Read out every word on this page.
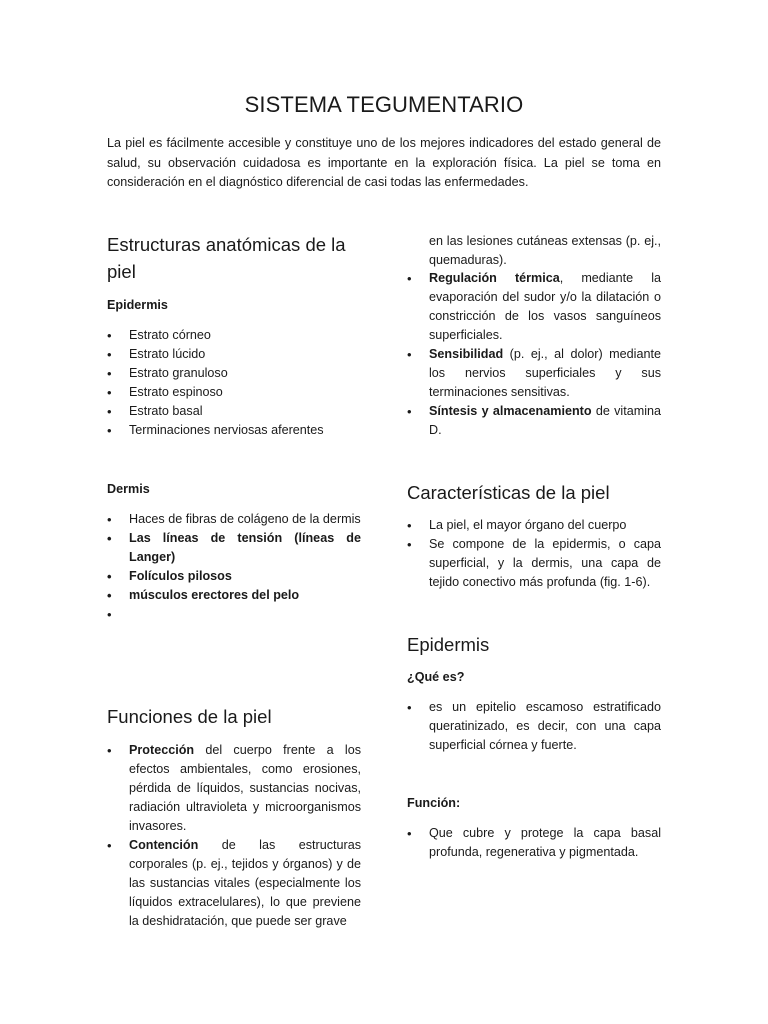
SISTEMA TEGUMENTARIO
La piel es fácilmente accesible y constituye uno de los mejores indicadores del estado general de salud, su observación cuidadosa es importante en la exploración física. La piel se toma en consideración en el diagnóstico diferencial de casi todas las enfermedades.
Estructuras anatómicas de la piel
Epidermis
• Estrato córneo
• Estrato lúcido
• Estrato granuloso
• Estrato espinoso
• Estrato basal
• Terminaciones nerviosas aferentes
Dermis
• Haces de fibras de colágeno de la dermis
• Las líneas de tensión (líneas de Langer)
• Folículos pilosos
• músculos erectores del pelo
•
Funciones de la piel
• Protección del cuerpo frente a los efectos ambientales, como erosiones, pérdida de líquidos, sustancias nocivas, radiación ultravioleta y microorganismos invasores.
• Contención de las estructuras corporales (p. ej., tejidos y órganos) y de las sustancias vitales (especialmente los líquidos extracelulares), lo que previene la deshidratación, que puede ser grave
en las lesiones cutáneas extensas (p. ej., quemaduras).
• Regulación térmica, mediante la evaporación del sudor y/o la dilatación o constricción de los vasos sanguíneos superficiales.
• Sensibilidad (p. ej., al dolor) mediante los nervios superficiales y sus terminaciones sensitivas.
• Síntesis y almacenamiento de vitamina D.
Características de la piel
• La piel, el mayor órgano del cuerpo
• Se compone de la epidermis, o capa superficial, y la dermis, una capa de tejido conectivo más profunda (fig. 1-6).
Epidermis
¿Qué es?
• es un epitelio escamoso estratificado queratinizado, es decir, con una capa superficial córnea y fuerte.
Función:
• Que cubre y protege la capa basal profunda, regenerativa y pigmentada.
